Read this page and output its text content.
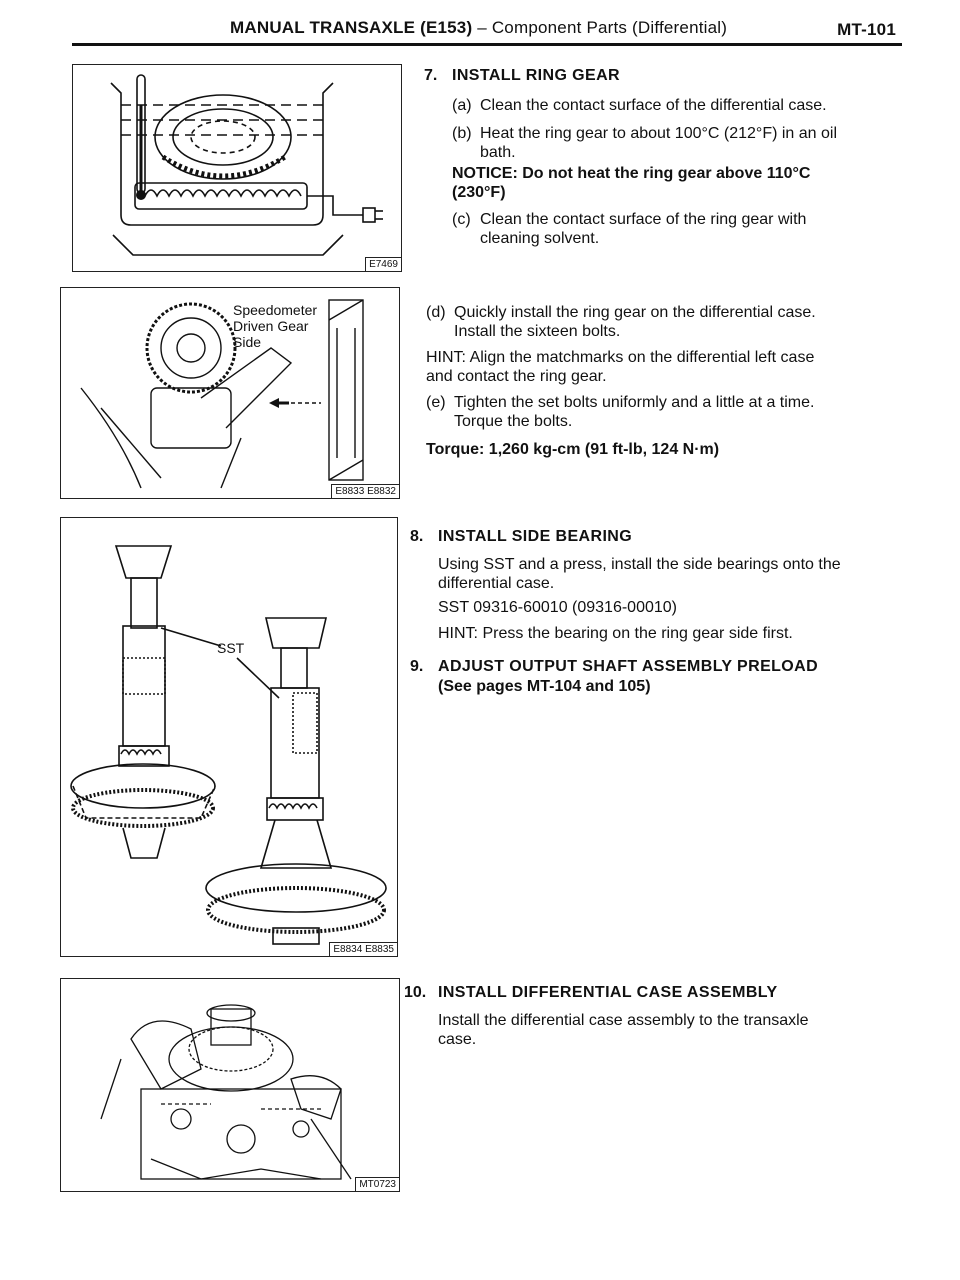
MANUAL TRANSAXLE (E153) – Component Parts (Differential)	MT-101
E7469
Speedometer
Driven Gear
Side
E8833 E8832
SST
E8834 E8835
MT0723
7. INSTALL RING GEAR
(a) Clean the contact surface of the differential case.
(b) Heat the ring gear to about 100°C (212°F) in an oil
bath.
NOTICE: Do not heat the ring gear above 110°C
(230°F)
(c) Clean the contact surface of the ring gear with
cleaning solvent.
(d) Quickly install the ring gear on the differential case.
Install the sixteen bolts.
HINT: Align the matchmarks on the differential left case
and contact the ring gear.
(e) Tighten the set bolts uniformly and a little at a time.
Torque the bolts.
Torque: 1,260 kg-cm (91 ft-lb, 124 N·m)
8. INSTALL SIDE BEARING
Using SST and a press, install the side bearings onto the
differential case.
SST 09316-60010 (09316-00010)
HINT: Press the bearing on the ring gear side first.
9. ADJUST OUTPUT SHAFT ASSEMBLY PRELOAD
(See pages MT-104 and 105)
10. INSTALL DIFFERENTIAL CASE ASSEMBLY
Install the differential case assembly to the transaxle
case.
